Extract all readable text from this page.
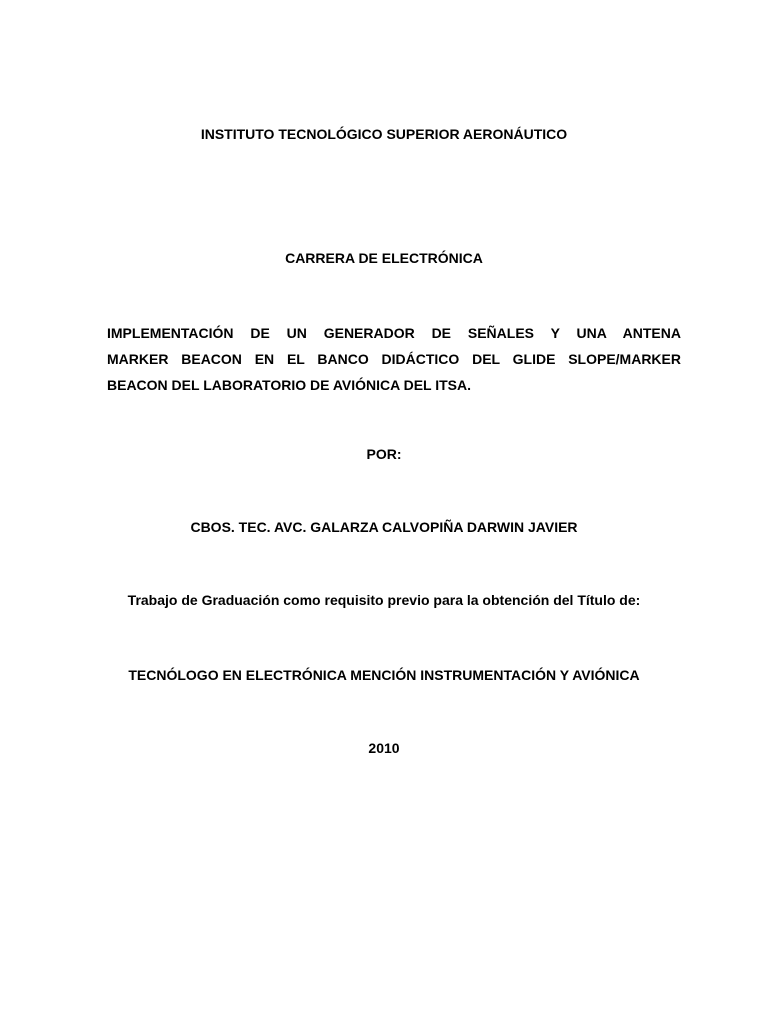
INSTITUTO TECNOLÓGICO SUPERIOR AERONÁUTICO
CARRERA DE ELECTRÓNICA
IMPLEMENTACIÓN DE UN GENERADOR DE SEÑALES Y UNA ANTENA
MARKER BEACON EN EL BANCO DIDÁCTICO DEL GLIDE SLOPE/MARKER
BEACON DEL LABORATORIO DE AVIÓNICA DEL ITSA.
POR:
CBOS. TEC. AVC. GALARZA CALVOPIÑA DARWIN JAVIER
Trabajo de Graduación como requisito previo para la obtención del Título de:
TECNÓLOGO EN ELECTRÓNICA MENCIÓN INSTRUMENTACIÓN Y AVIÓNICA
2010
